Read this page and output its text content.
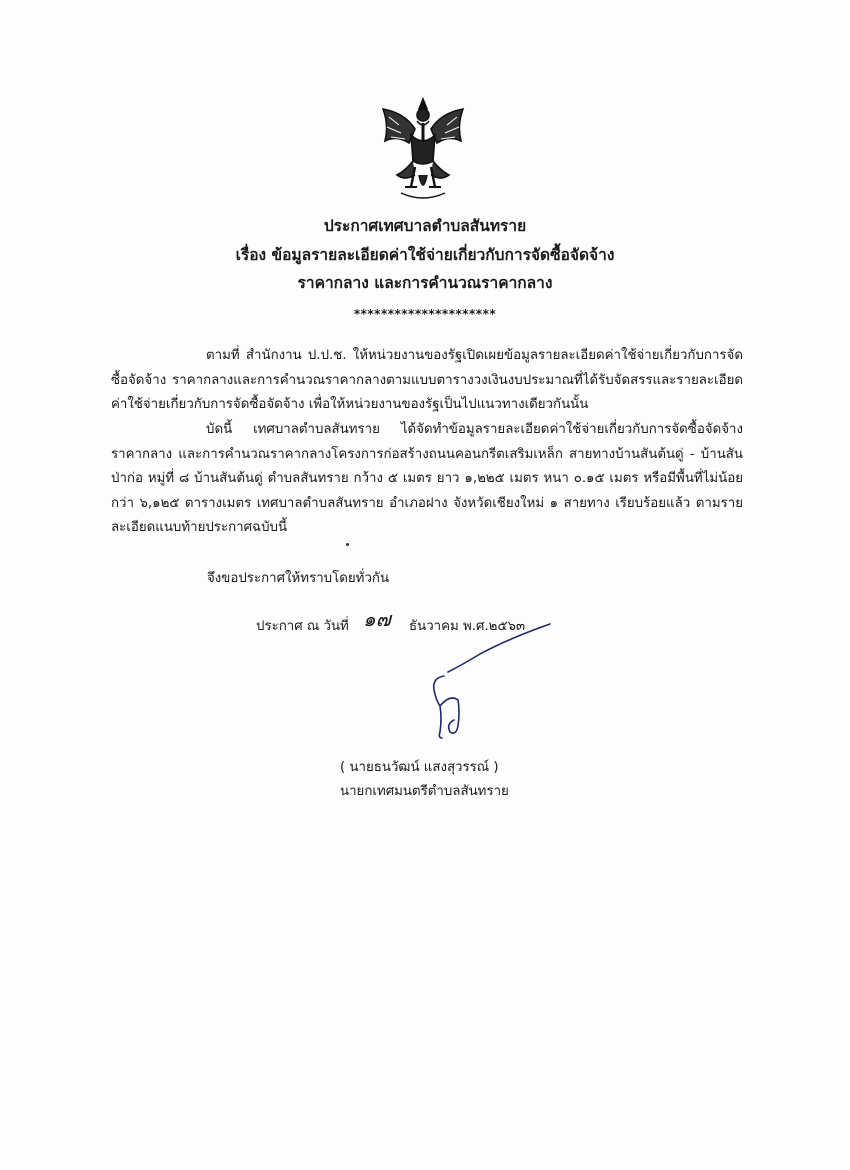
ประกาศเทศบาลตำบลสันทราย
เรื่อง ข้อมูลรายละเอียดค่าใช้จ่ายเกี่ยวกับการจัดซื้อจัดจ้าง
ราคากลาง และการคำนวณราคากลาง
*********************

ตามที่ สำนักงาน ป.ป.ช. ให้หน่วยงานของรัฐเปิดเผยข้อมูลรายละเอียดค่าใช้จ่ายเกี่ยวกับการจัดซื้อจัดจ้าง ราคากลางและการคำนวณราคากลางตามแบบตารางวงเงินงบประมาณที่ได้รับจัดสรรและรายละเอียดค่าใช้จ่ายเกี่ยวกับการจัดซื้อจัดจ้าง เพื่อให้หน่วยงานของรัฐเป็นไปแนวทางเดียวกันนั้น

บัดนี้ เทศบาลตำบลสันทราย ได้จัดทำข้อมูลรายละเอียดค่าใช้จ่ายเกี่ยวกับการจัดซื้อจัดจ้าง ราคากลาง และการคำนวณราคากลางโครงการก่อสร้างถนนคอนกรีตเสริมเหล็ก สายทางบ้านสันต้นดู่ - บ้านสันป่าก่อ หมู่ที่ ๘ บ้านสันต้นดู่ ตำบลสันทราย กว้าง ๕ เมตร ยาว ๑,๒๒๕ เมตร หนา ๐.๑๕ เมตร หรือมีพื้นที่ไม่น้อยกว่า ๖,๑๒๕ ตารางเมตร เทศบาลตำบลสันทราย อำเภอฝาง จังหวัดเชียงใหม่ ๑ สายทาง เรียบร้อยแล้ว ตามรายละเอียดแนบท้ายประกาศฉบับนี้

จึงขอประกาศให้ทราบโดยทั่วกัน
ประกาศ ณ วันที่ ๑๗ ธันวาคม พ.ศ.๒๕๖๓
( นายธนวัฒน์ แสงสุวรรณ์ )
นายกเทศมนตรีตำบลสันทราย
